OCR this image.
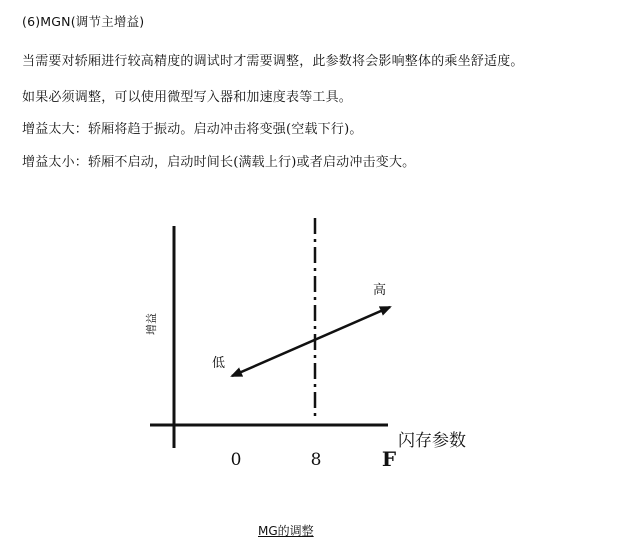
(6)MGN(调节主增益)
当需要对轿厢进行较高精度的调试时才需要调整，此参数将会影响整体的乘坐舒适度。
如果必须调整，可以使用微型写入器和加速度表等工具。
增益太大：轿厢将趋于振动。启动冲击将变强(空载下行)。
增益太小：轿厢不启动，启动时间长(满载上行)或者启动冲击变大。
增益
低
高
闪存参数
0	8	F
MG的调整
